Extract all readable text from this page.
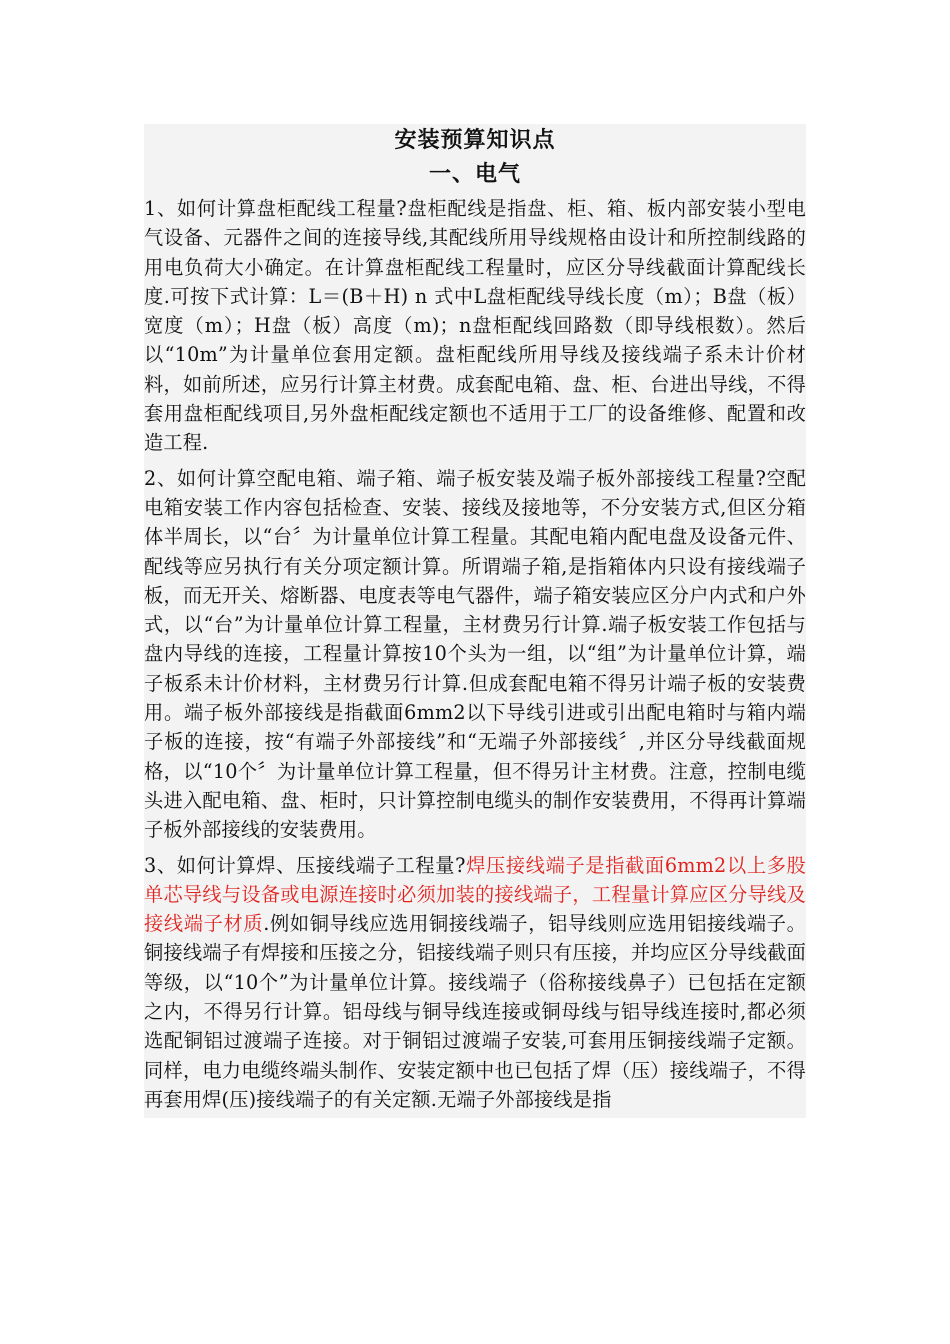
安装预算知识点
一、电气

1、如何计算盘柜配线工程量?盘柜配线是指盘、柜、箱、板内部安装小型电气设备、元器件之间的连接导线,其配线所用导线规格由设计和所控制线路的用电负荷大小确定。在计算盘柜配线工程量时，应区分导线截面计算配线长度.可按下式计算：L＝(B＋H) n 式中L盘柜配线导线长度（m）；B盘（板）宽度（m）；H盘（板）高度（m)；n盘柜配线回路数（即导线根数）。然后以“10m”为计量单位套用定额。盘柜配线所用导线及接线端子系未计价材料，如前所述，应另行计算主材费。成套配电箱、盘、柜、台进出导线，不得套用盘柜配线项目,另外盘柜配线定额也不适用于工厂的设备维修、配置和改造工程.

2、如何计算空配电箱、端子箱、端子板安装及端子板外部接线工程量?空配电箱安装工作内容包括检查、安装、接线及接地等，不分安装方式,但区分箱体半周长，以“台〞为计量单位计算工程量。其配电箱内配电盘及设备元件、配线等应另执行有关分项定额计算。所谓端子箱,是指箱体内只设有接线端子板，而无开关、熔断器、电度表等电气器件，端子箱安装应区分户内式和户外式，以“台”为计量单位计算工程量，主材费另行计算.端子板安装工作包括与盘内导线的连接，工程量计算按10个头为一组，以“组”为计量单位计算，端子板系未计价材料，主材费另行计算.但成套配电箱不得另计端子板的安装费用。端子板外部接线是指截面6mm2以下导线引进或引出配电箱时与箱内端子板的连接，按“有端子外部接线”和“无端子外部接线〞,并区分导线截面规格，以“10个〞为计量单位计算工程量，但不得另计主材费。注意，控制电缆头进入配电箱、盘、柜时，只计算控制电缆头的制作安装费用，不得再计算端子板外部接线的安装费用。

3、如何计算焊、压接线端子工程量?焊压接线端子是指截面6mm2以上多股单芯导线与设备或电源连接时必须加装的接线端子，工程量计算应区分导线及接线端子材质.例如铜导线应选用铜接线端子，铝导线则应选用铝接线端子。铜接线端子有焊接和压接之分，铝接线端子则只有压接，并均应区分导线截面等级，以“10个”为计量单位计算。接线端子（俗称接线鼻子）已包括在定额之内，不得另行计算。铝母线与铜导线连接或铜母线与铝导线连接时,都必须选配铜铝过渡端子连接。对于铜铝过渡端子安装,可套用压铜接线端子定额。同样，电力电缆终端头制作、安装定额中也已包括了焊（压）接线端子，不得再套用焊(压)接线端子的有关定额.无端子外部接线是指
